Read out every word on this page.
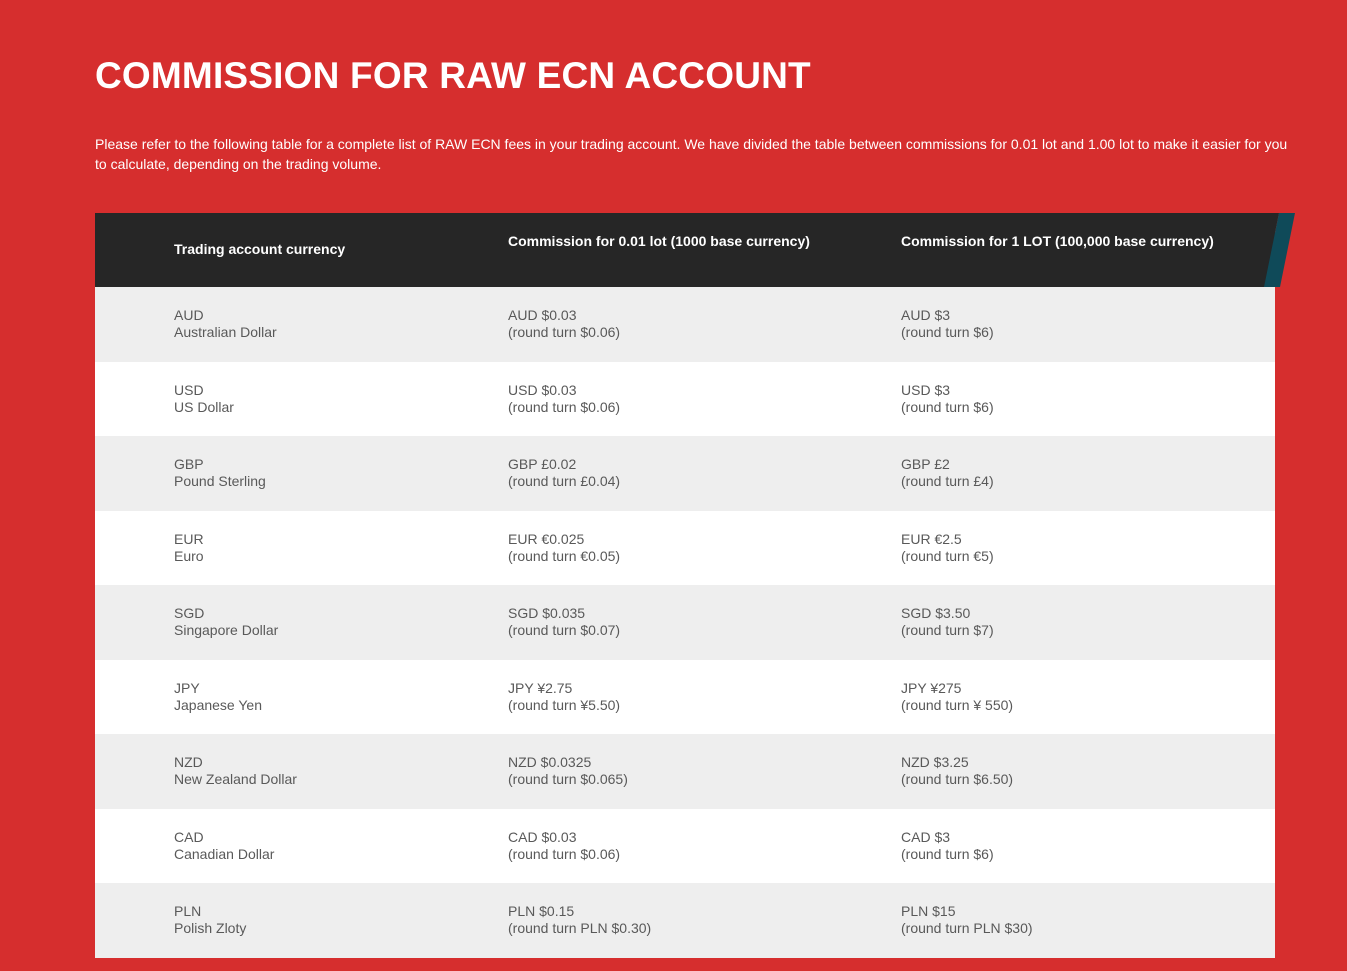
COMMISSION FOR RAW ECN ACCOUNT

Please refer to the following table for a complete list of RAW ECN fees in your trading account. We have divided the table between commissions for 0.01 lot and 1.00 lot to make it easier for you to calculate, depending on the trading volume.

Trading account currency	Commission for 0.01 lot (1000 base currency)	Commission for 1 LOT (100,000 base currency)
AUD
Australian Dollar
AUD $0.03
(round turn $0.06)
AUD $3
(round turn $6)
USD
US Dollar
USD $0.03
(round turn $0.06)
USD $3
(round turn $6)
GBP
Pound Sterling
GBP £0.02
(round turn £0.04)
GBP £2
(round turn £4)
EUR
Euro
EUR €0.025
(round turn €0.05)
EUR €2.5
(round turn €5)
SGD
Singapore Dollar
SGD $0.035
(round turn $0.07)
SGD $3.50
(round turn $7)
JPY
Japanese Yen
JPY ¥2.75
(round turn ¥5.50)
JPY ¥275
(round turn ¥ 550)
NZD
New Zealand Dollar
NZD $0.0325
(round turn $0.065)
NZD $3.25
(round turn $6.50)
CAD
Canadian Dollar
CAD $0.03
(round turn $0.06)
CAD $3
(round turn $6)
PLN
Polish Zloty
PLN $0.15
(round turn PLN $0.30)
PLN $15
(round turn PLN $30)
